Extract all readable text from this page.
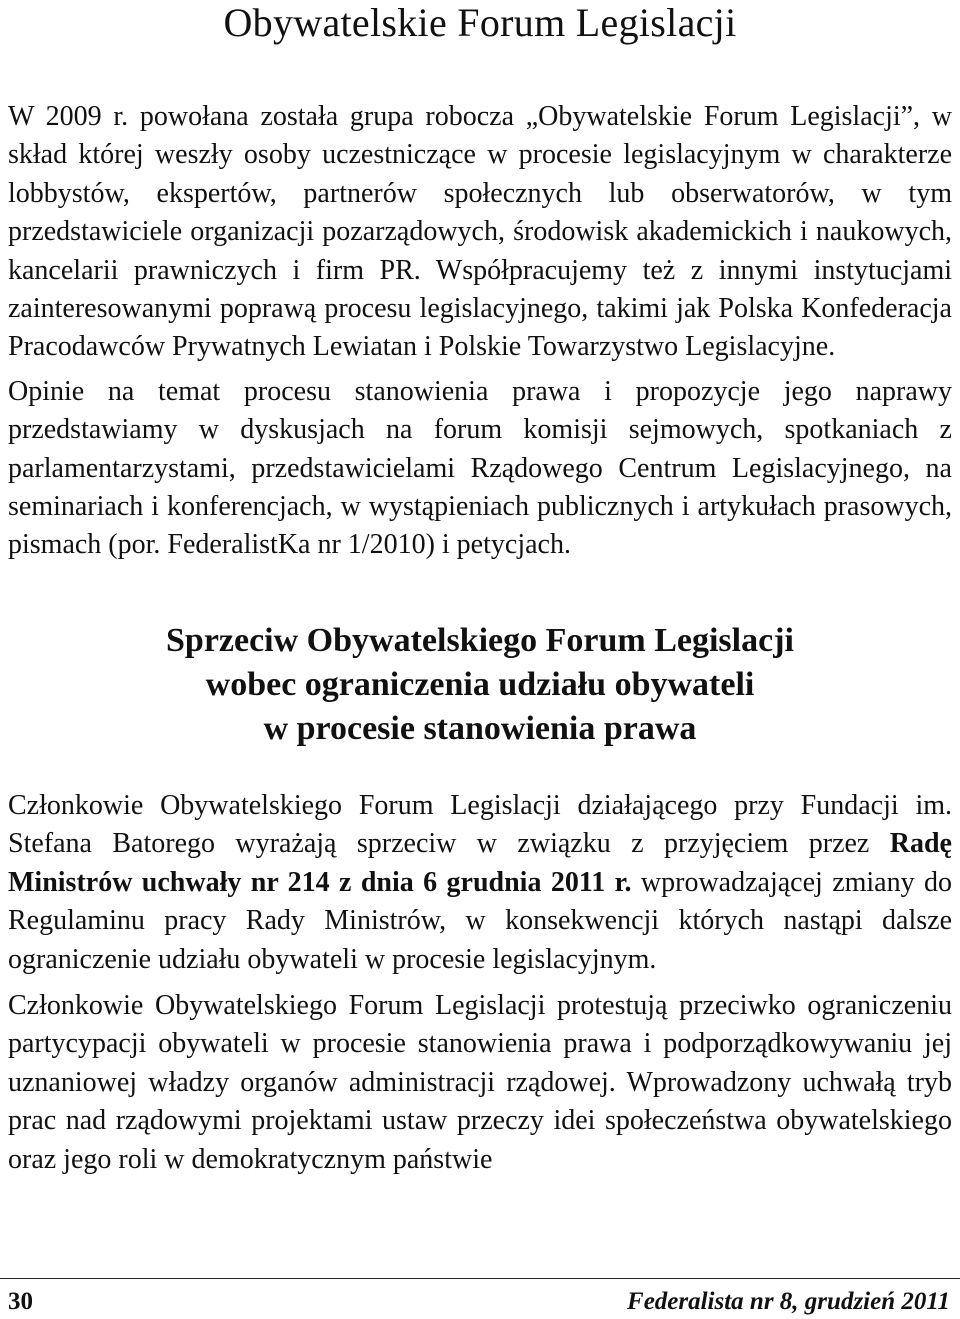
Obywatelskie Forum Legislacji

W 2009 r. powołana została grupa robocza „Obywatelskie Forum Legislacji”, w skład której weszły osoby uczestniczące w procesie legislacyjnym w charakterze lobbystów, ekspertów, partnerów społecznych lub obserwatorów, w tym przedstawiciele organizacji pozarządowych, środowisk akademickich i naukowych, kancelarii prawniczych i firm PR. Współpracujemy też z innymi instytucjami zainteresowanymi poprawą procesu legislacyjnego, takimi jak Polska Konfederacja Pracodawców Prywatnych Lewiatan i Polskie Towarzystwo Legislacyjne.

Opinie na temat procesu stanowienia prawa i propozycje jego naprawy przedstawiamy w dyskusjach na forum komisji sejmowych, spotkaniach z parlamentarzystami, przedstawicielami Rządowego Centrum Legislacyjnego, na seminariach i konferencjach, w wystąpieniach publicznych i artykułach prasowych, pismach (por. FederalistKa nr 1/2010) i petycjach.

Sprzeciw Obywatelskiego Forum Legislacji
wobec ograniczenia udziału obywateli
w procesie stanowienia prawa

Członkowie Obywatelskiego Forum Legislacji działającego przy Fundacji im. Stefana Batorego wyrażają sprzeciw w związku z przyjęciem przez Radę Ministrów uchwały nr 214 z dnia 6 grudnia 2011 r. wprowadzającej zmiany do Regulaminu pracy Rady Ministrów, w konsekwencji których nastąpi dalsze ograniczenie udziału obywateli w procesie legislacyjnym.

Członkowie Obywatelskiego Forum Legislacji protestują przeciwko ograniczeniu partycypacji obywateli w procesie stanowienia prawa i podporządkowywaniu jej uznaniowej władzy organów administracji rządowej. Wprowadzony uchwałą tryb prac nad rządowymi projektami ustaw przeczy idei społeczeństwa obywatelskiego oraz jego roli w demokratycznym państwie

30	Federalista nr 8, grudzień 2011
